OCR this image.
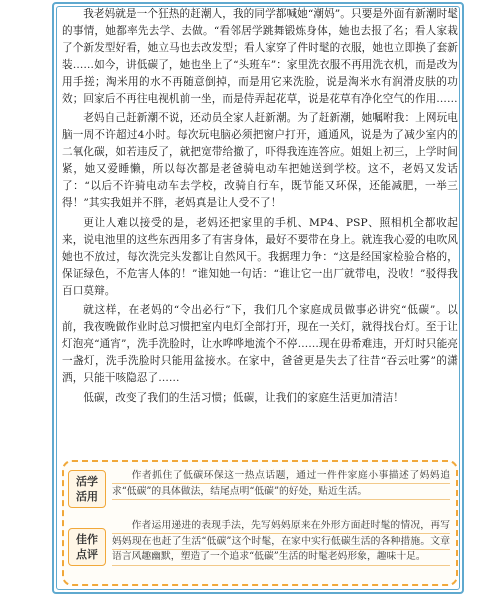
我老妈就是一个狂热的赶潮人，我的同学都喊她“潮妈”。只要是外面有新潮时髦的事情，她都率先去学、去做。“看邻居学跳舞锻炼身体，她也去报了名；看人家栽了个新发型好看，她立马也去改发型；看人家穿了件时髦的衣服，她也立即换了套新装……如今，讲低碳了，她也坐上了“头班车”：家里洗衣服不再用洗衣机，而是改为用手搓；淘米用的水不再随意倒掉，而是用它来洗脸，说是淘米水有润滑皮肤的功效；回家后不再往电视机前一坐，而是侍弄起花草，说是花草有净化空气的作用……

老妈自己赶新潮不说，还动员全家人赶新潮。为了赶新潮，她嘱咐我：上网玩电脑一周不许超过4小时。每次玩电脑必须把窗户打开，通通风，说是为了减少室内的二氧化碳，如若违反了，就把宽带给撤了，吓得我连连答应。姐姐上初三，上学时间紧，她又爱睡懒，所以每次都是老爸骑电动车把她送到学校。这不，老妈又发话了：“以后不许骑电动车去学校，改骑自行车，既节能又环保，还能减肥，一举三得！”其实我姐并不胖，老妈真是让人受不了！

更让人难以接受的是，老妈还把家里的手机、MP4、PSP、照相机全都收起来，说电池里的这些东西用多了有害身体，最好不要带在身上。就连我心爱的电吹风她也不放过，每次洗完头发都让自然风干。我据理力争：“这是经国家检验合格的，保证绿色，不危害人体的！”谁知她一句话：“谁让它一出厂就带电，没收！”驳得我百口莫辩。

就这样，在老妈的“令出必行”下，我们几个家庭成员做事必讲究“低碳”。以前，我夜晚做作业时总习惯把室内电灯全部打开，现在一关灯，就得找台灯。至于让灯泡亮“通宵”，洗手洗脸时，让水哗哗地流个不停……现在毋希难违，开灯时只能亮一盏灯，洗手洗脸时只能用盆接水。在家中，爸爸更是失去了往昔“吞云吐雾”的潇洒，只能干咳隐忍了……

低碳，改变了我们的生活习惯；低碳，让我们的家庭生活更加清洁！

活学
活用
作者抓住了低碳环保这一热点话题，通过一件件家庭小事描述了妈妈追求“低碳”的具体做法，结尾点明“低碳”的好处，贴近生活。
佳作
点评
作者运用递进的表现手法，先写妈妈原来在外形方面赶时髦的情况，再写妈妈现在也赶了生活“低碳”这个时髦，在家中实行低碳生活的各种措施。文章语言风趣幽默，塑造了一个追求“低碳”生活的时髦老妈形象，趣味十足。
